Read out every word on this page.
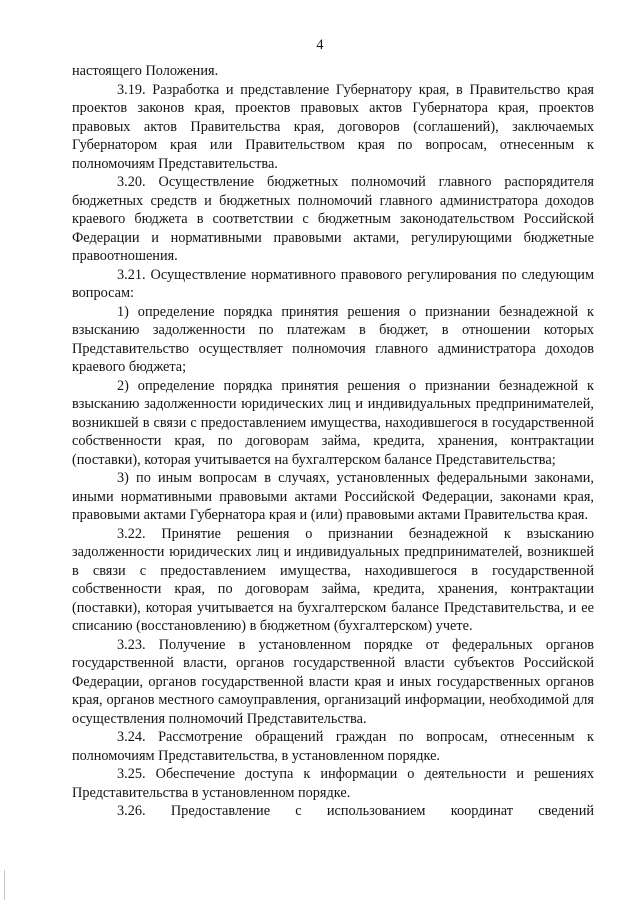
4

настоящего Положения.

3.19. Разработка и представление Губернатору края, в Правительство края проектов законов края, проектов правовых актов Губернатора края, проектов правовых актов Правительства края, договоров (соглашений), заключаемых Губернатором края или Правительством края по вопросам, отнесенным к полномочиям Представительства.

3.20. Осуществление бюджетных полномочий главного распорядителя бюджетных средств и бюджетных полномочий главного администратора доходов краевого бюджета в соответствии с бюджетным законодательством Российской Федерации и нормативными правовыми актами, регулирующими бюджетные правоотношения.

3.21. Осуществление нормативного правового регулирования по следующим вопросам:

1) определение порядка принятия решения о признании безнадежной к взысканию задолженности по платежам в бюджет, в отношении которых Представительство осуществляет полномочия главного администратора доходов краевого бюджета;

2) определение порядка принятия решения о признании безнадежной к взысканию задолженности юридических лиц и индивидуальных предпринимателей, возникшей в связи с предоставлением имущества, находившегося в государственной собственности края, по договорам займа, кредита, хранения, контрактации (поставки), которая учитывается на бухгалтерском балансе Представительства;

3) по иным вопросам в случаях, установленных федеральными законами, иными нормативными правовыми актами Российской Федерации, законами края, правовыми актами Губернатора края и (или) правовыми актами Правительства края.

3.22. Принятие решения о признании безнадежной к взысканию задолженности юридических лиц и индивидуальных предпринимателей, возникшей в связи с предоставлением имущества, находившегося в государственной собственности края, по договорам займа, кредита, хранения, контрактации (поставки), которая учитывается на бухгалтерском балансе Представительства, и ее списанию (восстановлению) в бюджетном (бухгалтерском) учете.

3.23. Получение в установленном порядке от федеральных органов государственной власти, органов государственной власти субъектов Российской Федерации, органов государственной власти края и иных государственных органов края, органов местного самоуправления, организаций информации, необходимой для осуществления полномочий Представительства.

3.24. Рассмотрение обращений граждан по вопросам, отнесенным к полномочиям Представительства, в установленном порядке.

3.25. Обеспечение доступа к информации о деятельности и решениях Представительства в установленном порядке.

3.26. Предоставление с использованием координат сведений
